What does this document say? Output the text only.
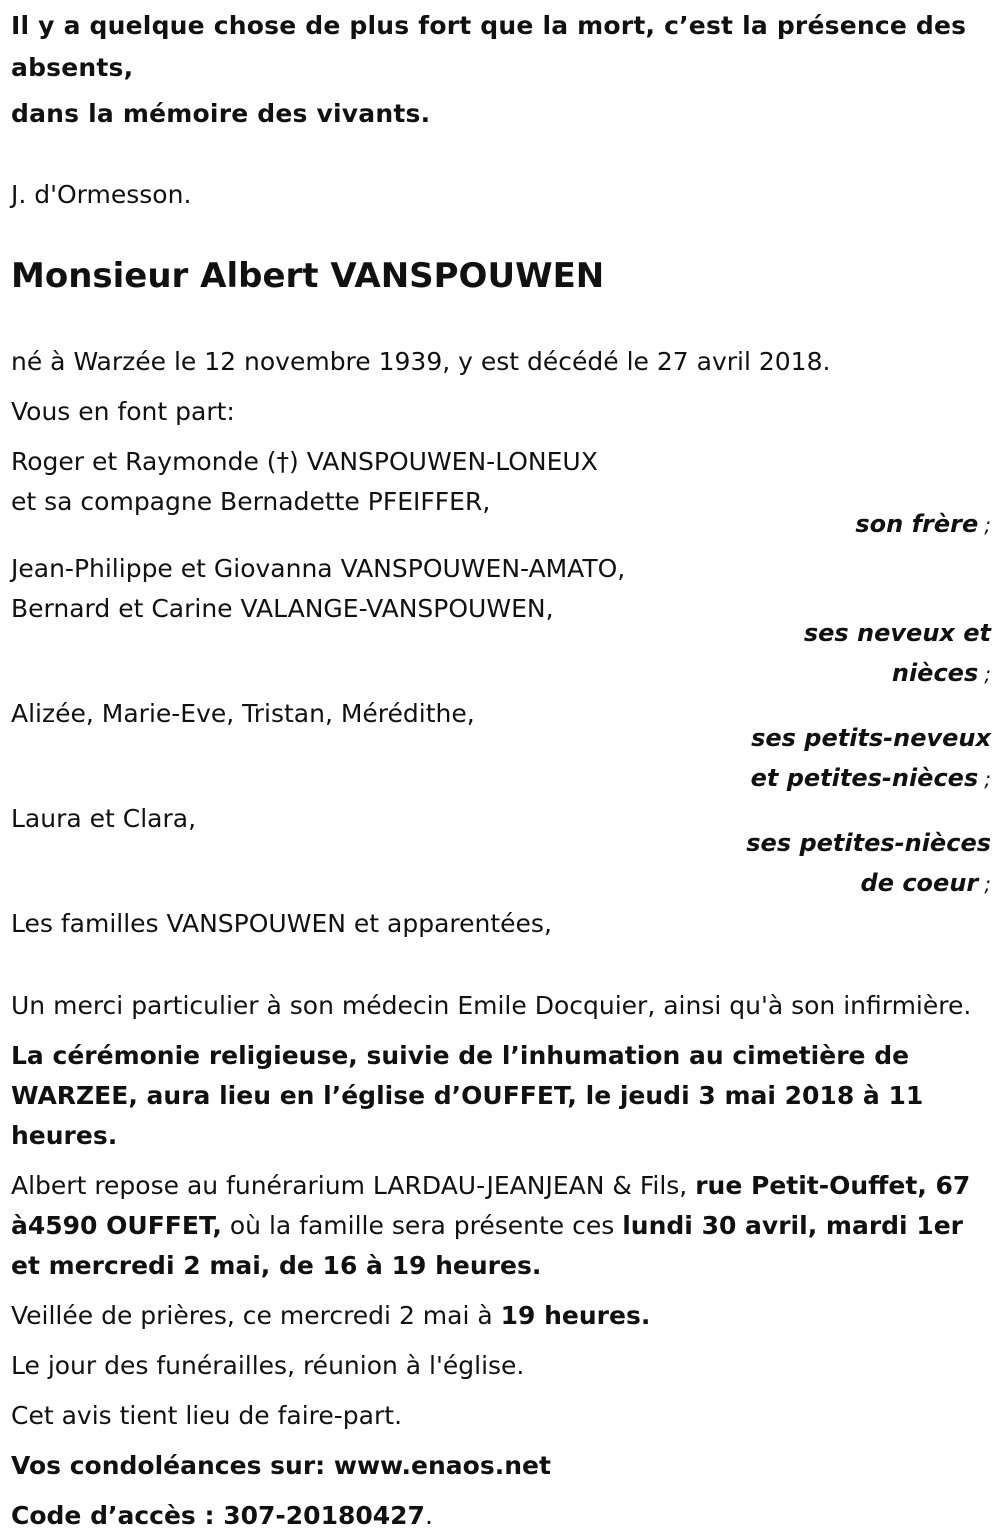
Il y a quelque chose de plus fort que la mort, c’est la présence des absents,
dans la mémoire des vivants.
J. d'Ormesson.
Monsieur Albert VANSPOUWEN
né à Warzée le 12 novembre 1939, y est décédé le 27 avril 2018.
Vous en font part:
Roger et Raymonde (†) VANSPOUWEN-LONEUX
et sa compagne Bernadette PFEIFFER,
son frère ;
Jean-Philippe et Giovanna VANSPOUWEN-AMATO,
Bernard et Carine VALANGE-VANSPOUWEN,
ses neveux et
nièces ;
Alizée, Marie-Eve, Tristan, Mérédithe,
ses petits-neveux
et petites-nièces ;
Laura et Clara,
ses petites-nièces
de coeur ;
Les familles VANSPOUWEN et apparentées,
Un merci particulier à son médecin Emile Docquier, ainsi qu'à son infirmière.
La cérémonie religieuse, suivie de l’inhumation au cimetière de WARZEE, aura lieu en l’église d’OUFFET, le jeudi 3 mai 2018 à 11 heures.
Albert repose au funérarium LARDAU-JEANJEAN & Fils, rue Petit-Ouffet, 67 à4590 OUFFET, où la famille sera présente ces lundi 30 avril, mardi 1er et mercredi 2 mai, de 16 à 19 heures.
Veillée de prières, ce mercredi 2 mai à 19 heures.
Le jour des funérailles, réunion à l'église.
Cet avis tient lieu de faire-part.
Vos condoléances sur: www.enaos.net
Code d’accès : 307-20180427.
